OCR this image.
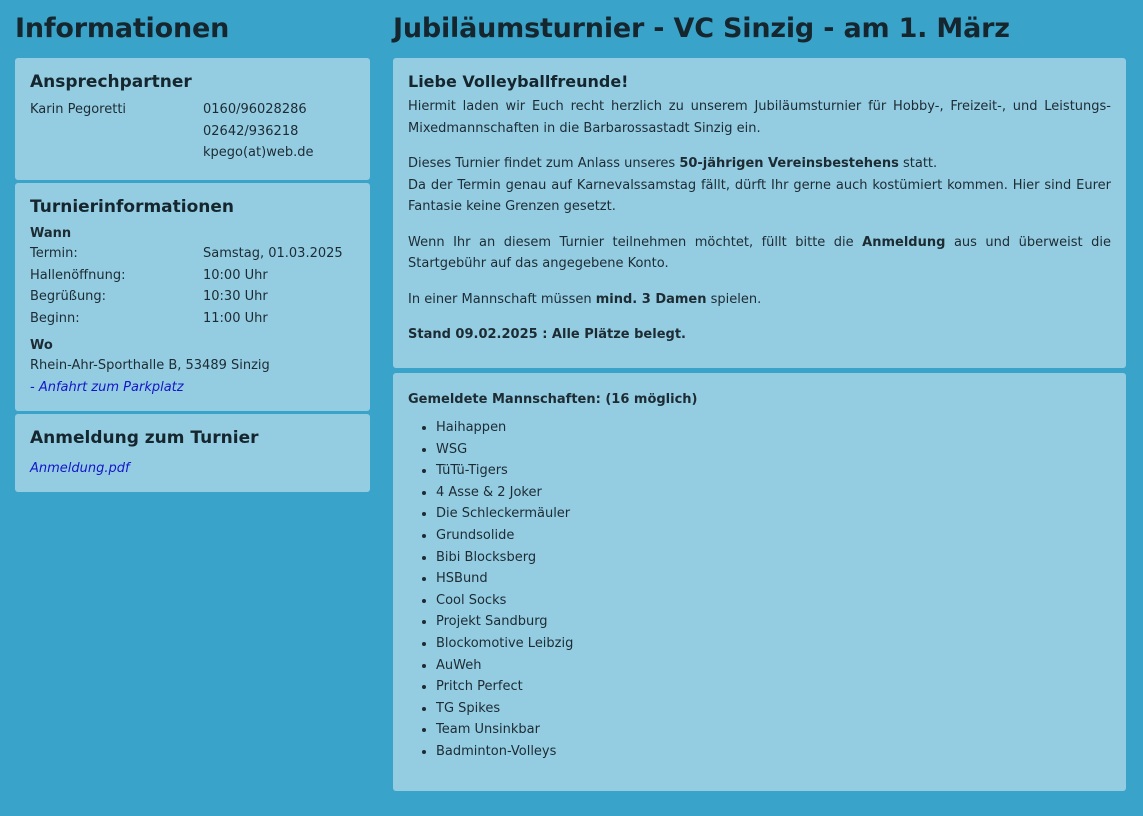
Informationen
Ansprechpartner
Karin Pegoretti	0160/96028286
02642/936218
kpego(at)web.de
Turnierinformationen
Wann
Termin:	Samstag, 01.03.2025
Hallenöffnung:	10:00 Uhr
Begrüßung:	10:30 Uhr
Beginn:	11:00 Uhr
Wo
Rhein-Ahr-Sporthalle B, 53489 Sinzig
- Anfahrt zum Parkplatz
Anmeldung zum Turnier
Anmeldung.pdf
Jubiläumsturnier - VC Sinzig - am 1. März
Liebe Volleyballfreunde!

Hiermit laden wir Euch recht herzlich zu unserem Jubiläumsturnier für Hobby-, Freizeit-, und Leistungs-Mixedmannschaften in die Barbarossastadt Sinzig ein.

Dieses Turnier findet zum Anlass unseres 50-jährigen Vereinsbestehens statt.
Da der Termin genau auf Karnevalssamstag fällt, dürft Ihr gerne auch kostümiert kommen. Hier sind Eurer Fantasie keine Grenzen gesetzt.

Wenn Ihr an diesem Turnier teilnehmen möchtet, füllt bitte die Anmeldung aus und überweist die Startgebühr auf das angegebene Konto.

In einer Mannschaft müssen mind. 3 Damen spielen.

Stand 09.02.2025 : Alle Plätze belegt.

Gemeldete Mannschaften: (16 möglich)
• Haihappen
• WSG
• TüTü-Tigers
• 4 Asse & 2 Joker
• Die Schleckermäuler
• Grundsolide
• Bibi Blocksberg
• HSBund
• Cool Socks
• Projekt Sandburg
• Blockomotive Leibzig
• AuWeh
• Pritch Perfect
• TG Spikes
• Team Unsinkbar
• Badminton-Volleys
